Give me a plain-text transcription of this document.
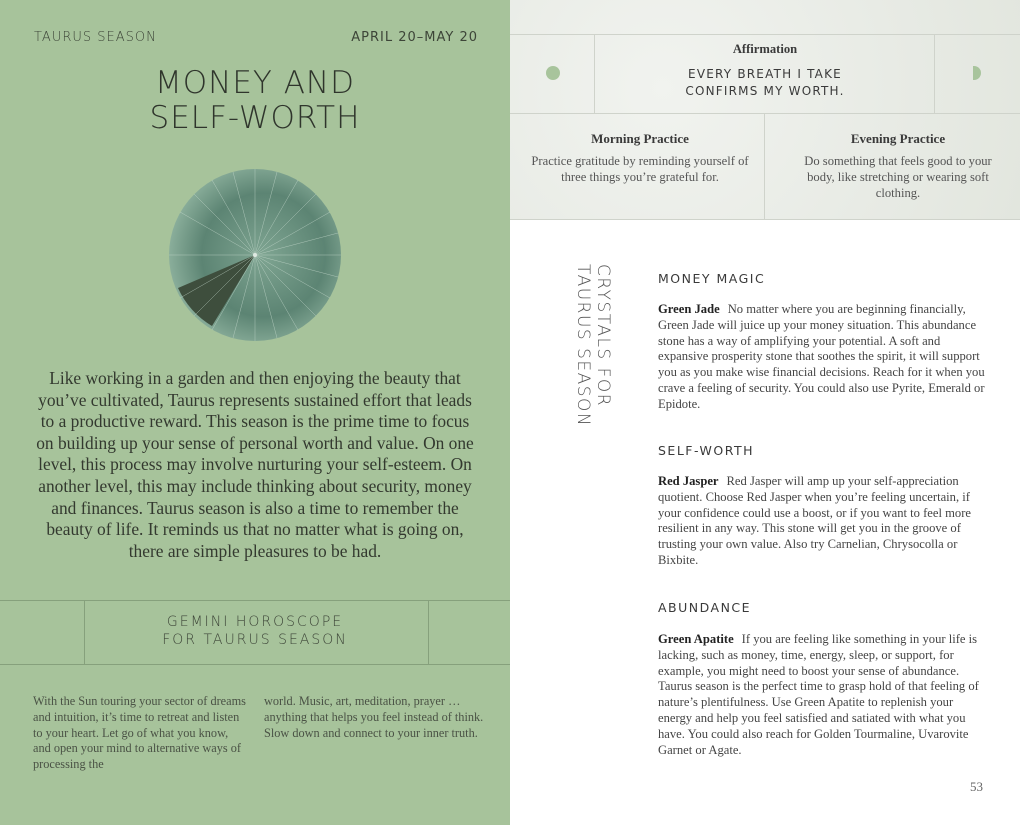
TAURUS SEASON	APRIL 20–MAY 20
MONEY AND
SELF-WORTH

Like working in a garden and then enjoying the beauty that you’ve cultivated, Taurus represents sustained effort that leads to a productive reward. This season is the prime time to focus on building up your sense of personal worth and value. On one level, this process may involve nurturing your self-esteem. On another level, this may include thinking about security, money and finances. Taurus season is also a time to remember the beauty of life. It reminds us that no matter what is going on, there are simple pleasures to be had.

GEMINI HOROSCOPE
FOR TAURUS SEASON

With the Sun touring your sector of dreams and intuition, it’s time to retreat and listen to your heart. Let go of what you know, and open your mind to alternative ways of processing the

world. Music, art, meditation, prayer … anything that helps you feel instead of think. Slow down and connect to your inner truth.

Affirmation
EVERY BREATH I TAKE
CONFIRMS MY WORTH.
Morning Practice
Practice gratitude by reminding yourself of three things you’re grateful for.
Evening Practice
Do something that feels good to your body, like stretching or wearing soft clothing.
CRYSTALS FOR
TAURUS SEASON	MONEY MAGIC

Green Jade No matter where you are beginning financially, Green Jade will juice up your money situation. This abundance stone has a way of amplifying your potential. A soft and expansive prosperity stone that soothes the spirit, it will support you as you make wise financial decisions. Reach for it when you crave a feeling of security. You could also use Pyrite, Emerald or Epidote.

SELF-WORTH

Red Jasper Red Jasper will amp up your self-appreciation quotient. Choose Red Jasper when you’re feeling uncertain, if your confidence could use a boost, or if you want to feel more resilient in any way. This stone will get you in the groove of trusting your own value. Also try Carnelian, Chrysocolla or Bixbite.

ABUNDANCE

Green Apatite If you are feeling like something in your life is lacking, such as money, time, energy, sleep, or support, for example, you might need to boost your sense of abundance. Taurus season is the perfect time to grasp hold of that feeling of nature’s plentifulness. Use Green Apatite to replenish your energy and help you feel satisfied and satiated with what you have. You could also reach for Golden Tourmaline, Uvarovite Garnet or Agate.

53
